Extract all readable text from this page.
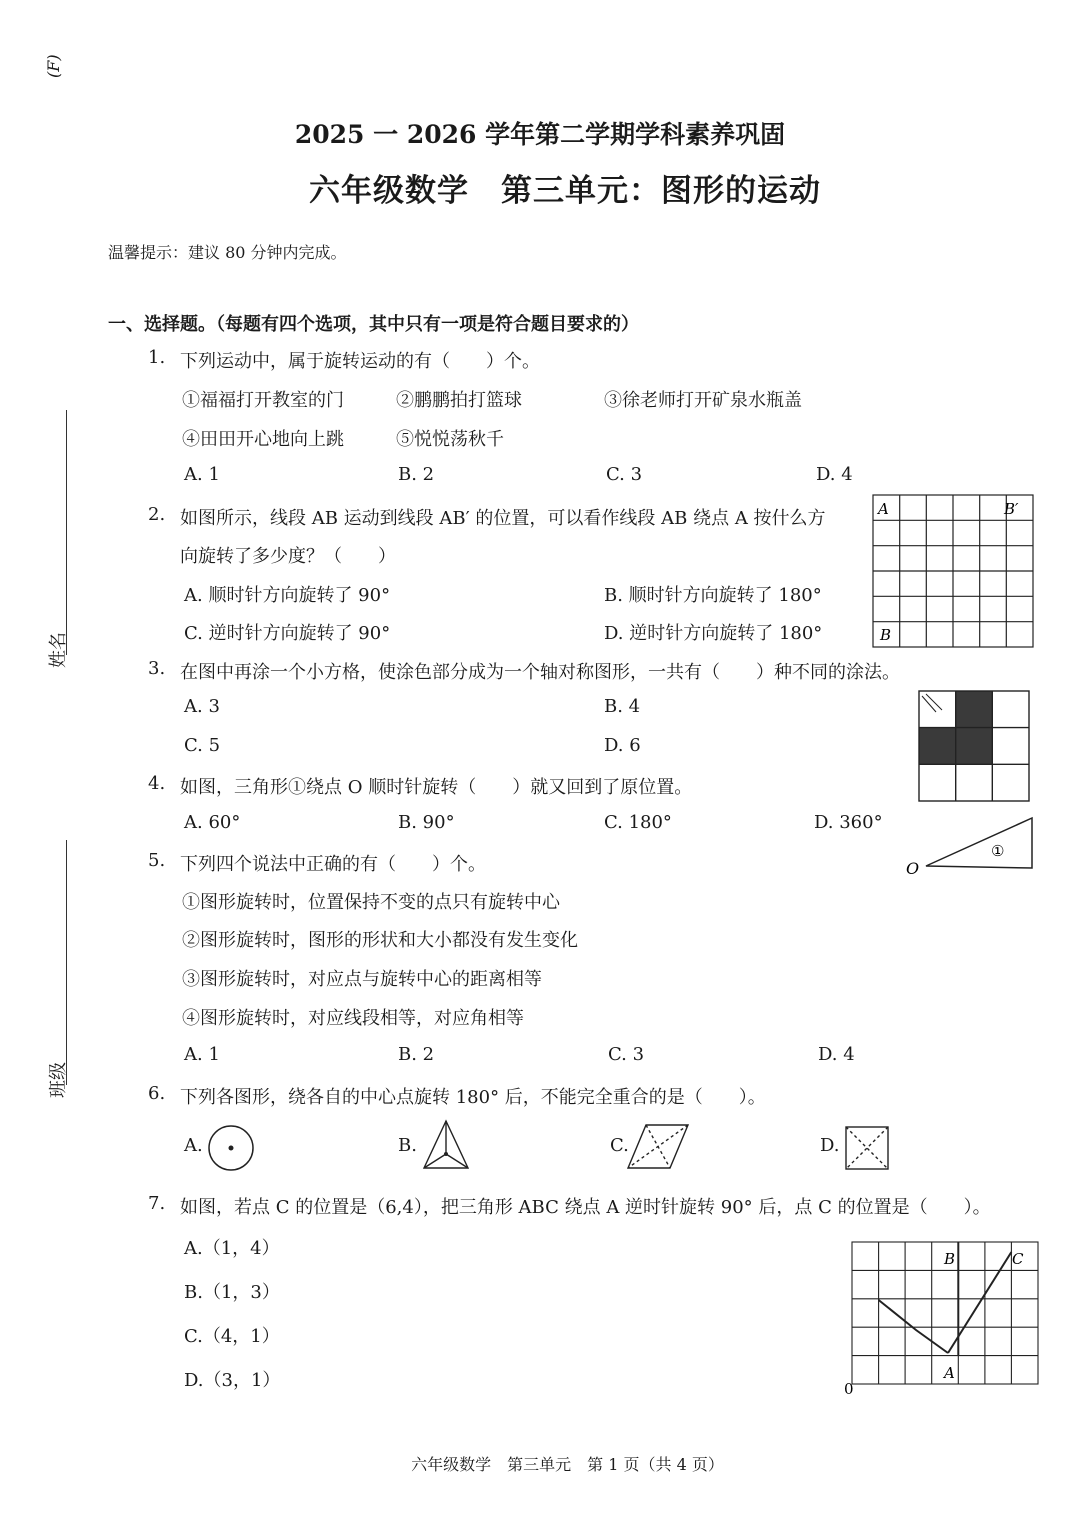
(F)
姓名
班级
2025 一 2026 学年第二学期学科素养巩固
六年级数学　第三单元：图形的运动
温馨提示：建议 80 分钟内完成。
一、选择题。（每题有四个选项，其中只有一项是符合题目要求的）
1. 下列运动中，属于旋转运动的有（　　）个。
①福福打开教室的门	②鹏鹏拍打篮球	③徐老师打开矿泉水瓶盖
④田田开心地向上跳	⑤悦悦荡秋千
A. 1	B. 2	C. 3	D. 4
2. 如图所示，线段 AB 运动到线段 AB′ 的位置，可以看作线段 AB 绕点 A 按什么方
向旋转了多少度？（　　）
A. 顺时针方向旋转了 90°	B. 顺时针方向旋转了 180°
C. 逆时针方向旋转了 90°	D. 逆时针方向旋转了 180°
A	B′
B
3. 在图中再涂一个小方格，使涂色部分成为一个轴对称图形，一共有（　　）种不同的涂法。
A. 3	B. 4
C. 5	D. 6
4. 如图，三角形①绕点 O 顺时针旋转（　　）就又回到了原位置。
A. 60°	B. 90°	C. 180°	D. 360°
O
①
5. 下列四个说法中正确的有（　　）个。
①图形旋转时，位置保持不变的点只有旋转中心
②图形旋转时，图形的形状和大小都没有发生变化
③图形旋转时，对应点与旋转中心的距离相等
④图形旋转时，对应线段相等，对应角相等
A. 1	B. 2	C. 3	D. 4
6. 下列各图形，绕各自的中心点旋转 180° 后，不能完全重合的是（　　）。
A.	B.	C.	D.
7. 如图，若点 C 的位置是（6,4），把三角形 ABC 绕点 A 逆时针旋转 90° 后，点 C 的位置是（　　）。
A.（1，4）
B.（1，3）
C.（4，1）
D.（3，1）	0
A
B	C
六年级数学　第三单元　第 1 页（共 4 页）
